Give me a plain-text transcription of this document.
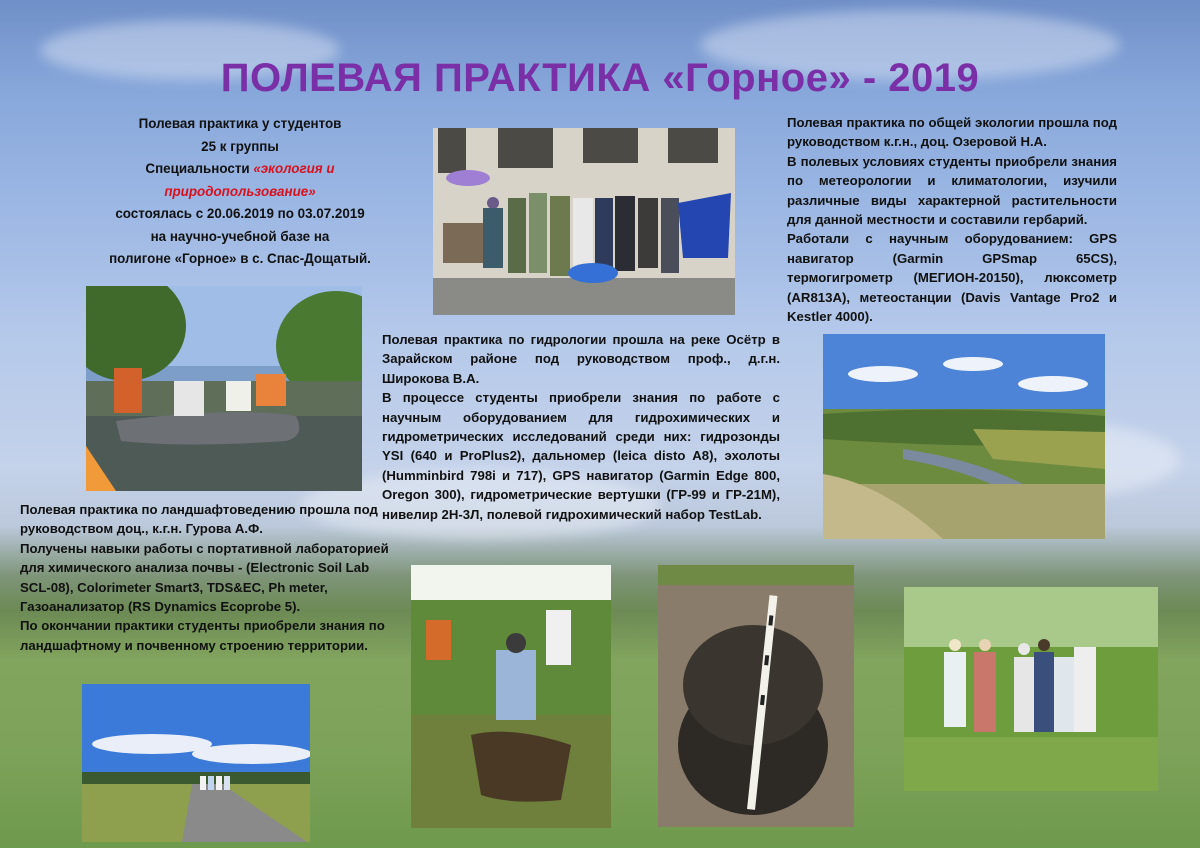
ПОЛЕВАЯ ПРАКТИКА «Горное» - 2019
Полевая практика у студентов
25 к группы
Специальности «экология и
природопользование»
состоялась с 20.06.2019 по 03.07.2019
на научно-учебной базе на
полигоне «Горное» в с. Спас-Дощатый.

Полевая практика по общей экологии прошла под руководством к.г.н., доц. Озеровой Н.А.

В полевых условиях студенты приобрели знания по метеорологии и климатологии, изучили различные виды характерной растительности для данной местности и составили гербарий.

Работали с научным оборудованием: GPS навигатор (Garmin GPSmap 65CS), термогигрометр (МЕГИОН-20150), люксометр (AR813A), метеостанции (Davis Vantage Pro2 и Kestler 4000).

Полевая практика по гидрологии прошла на реке Осётр в Зарайском районе под руководством проф., д.г.н. Широкова В.А.

В процессе студенты приобрели знания по работе с научным оборудованием для гидрохимических и гидрометрических исследований среди них: гидрозонды YSI (640 и ProPlus2), дальномер (leica disto A8), эхолоты (Humminbird 798i и 717), GPS навигатор (Garmin Edge 800, Oregon 300), гидрометрические вертушки (ГР-99 и ГР-21М), нивелир 2Н-3Л, полевой гидрохимический набор TestLab.

Полевая практика по ландшафтоведению прошла под руководством доц., к.г.н. Гурова А.Ф.

Получены навыки работы с портативной лабораторией для химического анализа почвы - (Electronic Soil Lab SCL-08), Colorimeter Smart3, TDS&EC, Ph meter, Газоанализатор (RS Dynamics Ecoprobe 5).

По окончании практики студенты приобрели знания по ландшафтному и почвенному строению территории.
